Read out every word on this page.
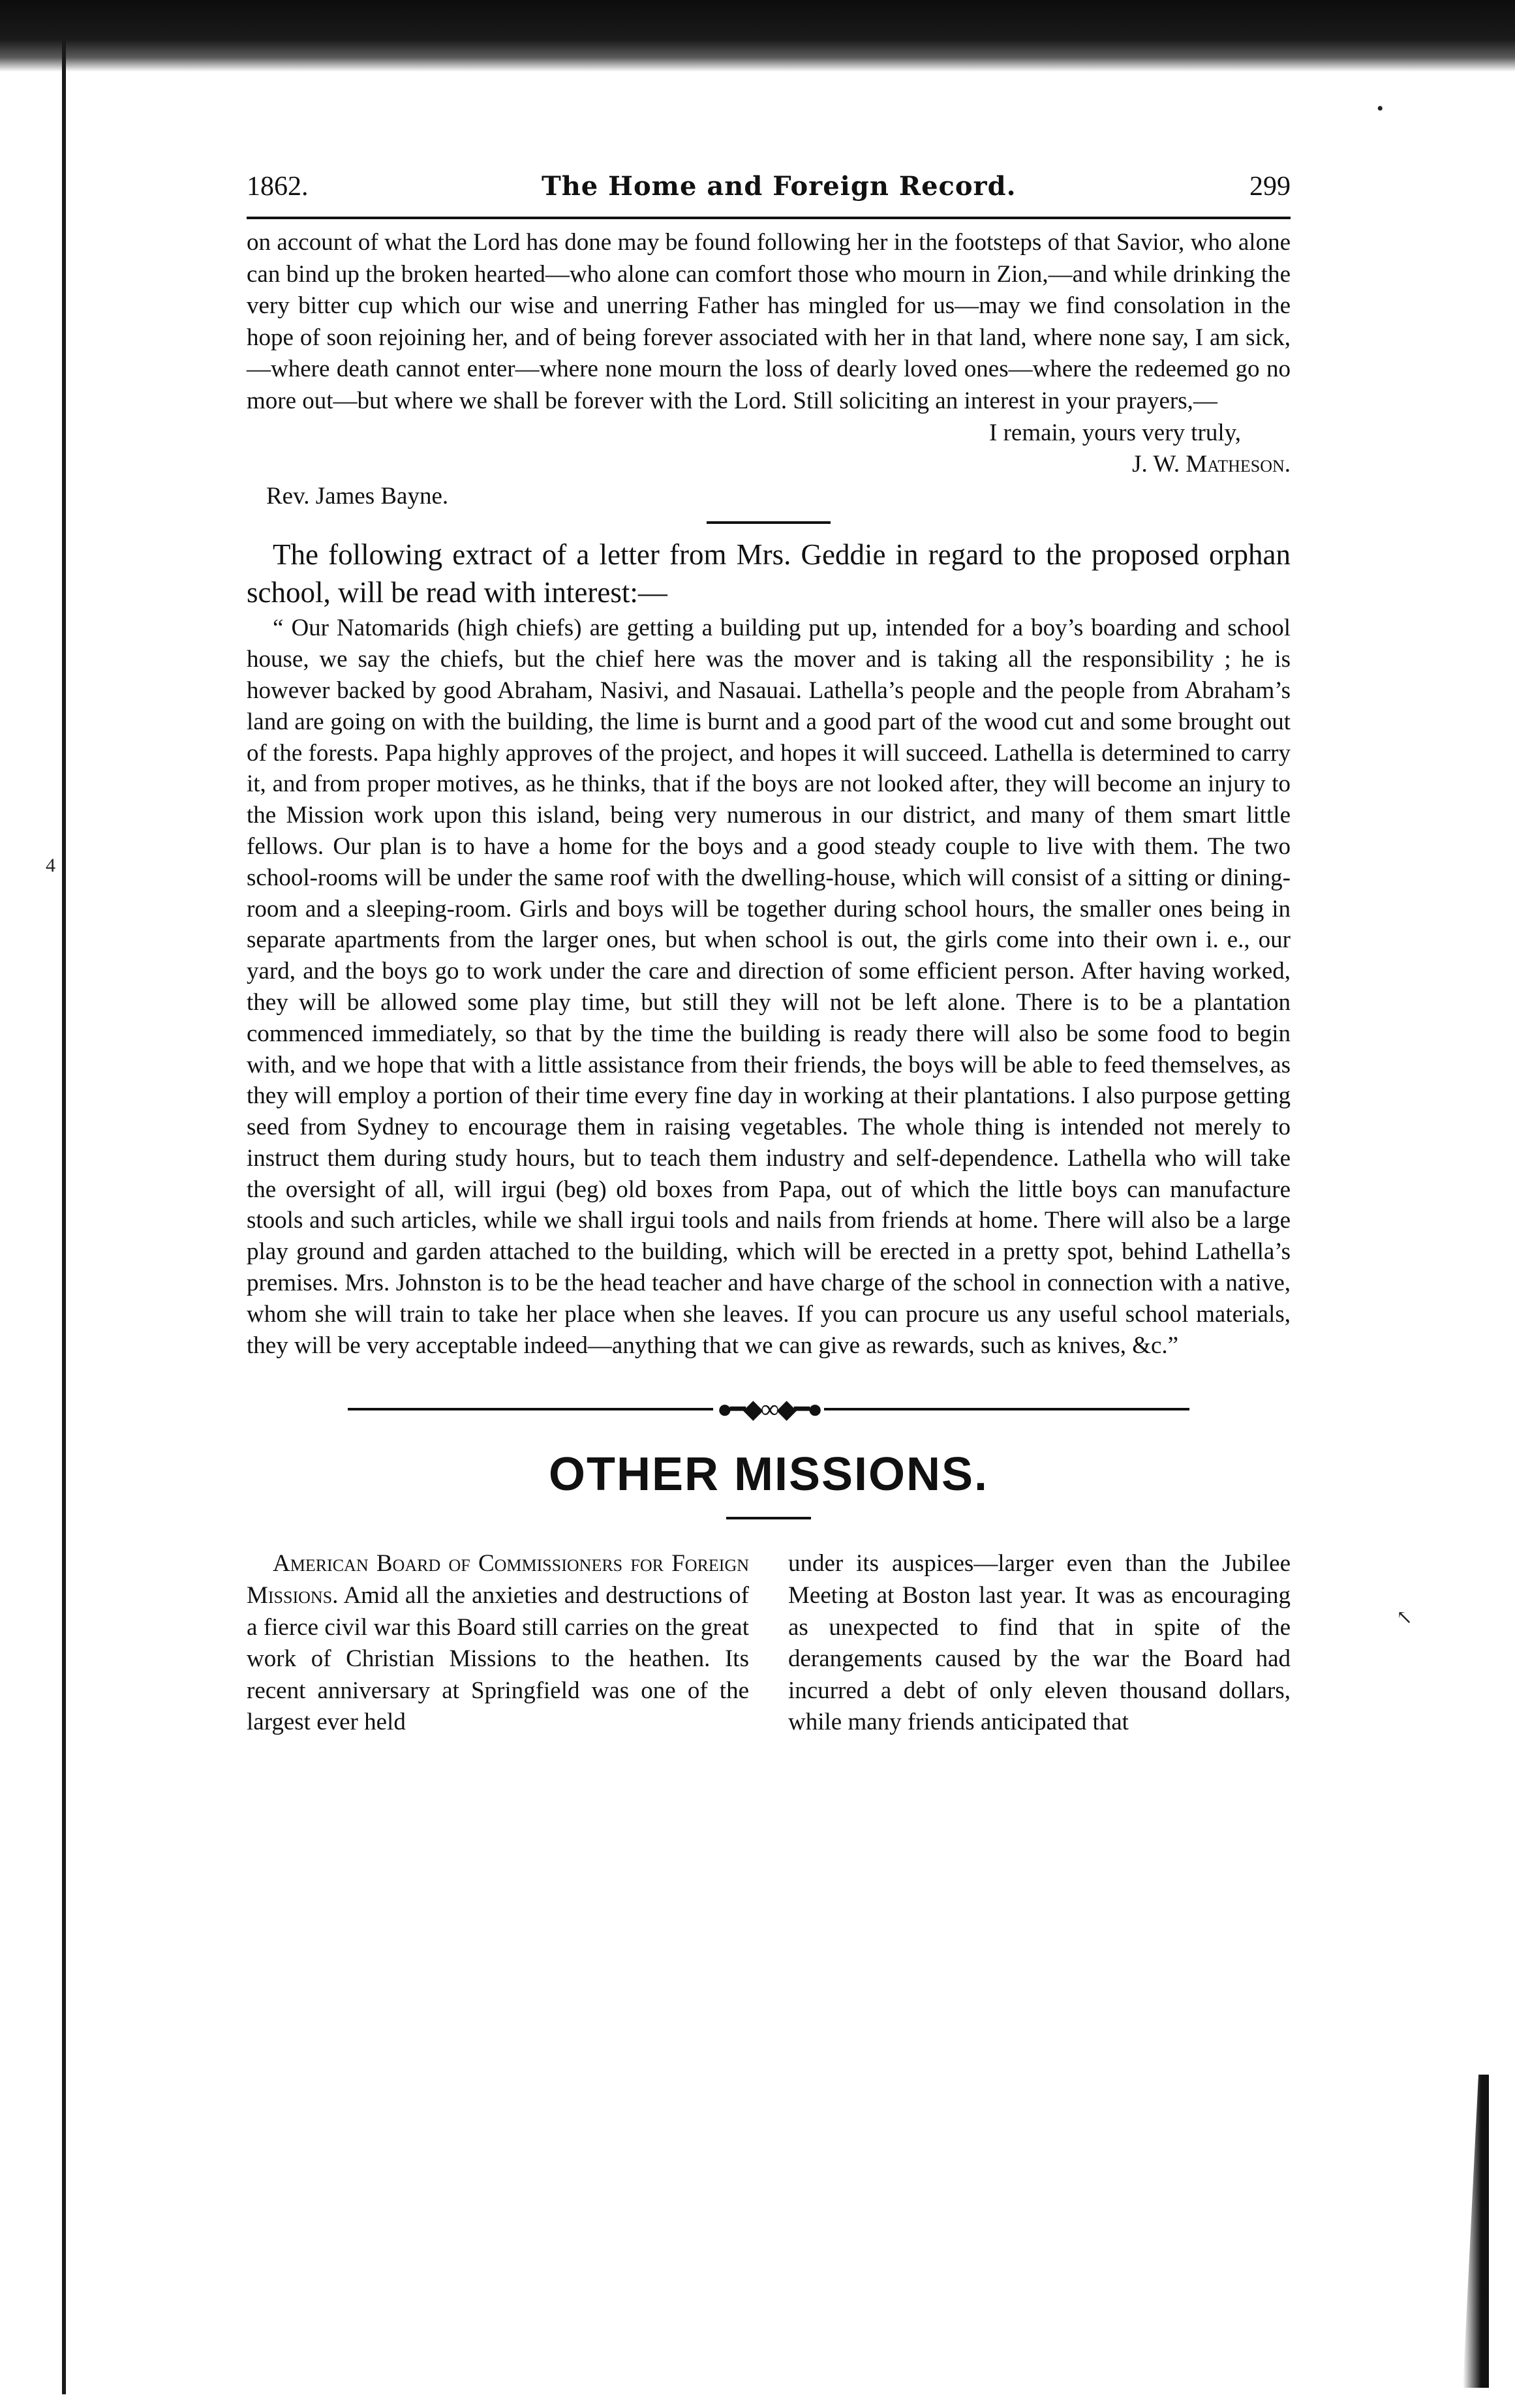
4
•
↖
1862.	The Home and Foreign Record.	299

on account of what the Lord has done may be found following her in the footsteps of that Savior, who alone can bind up the broken hearted—who alone can comfort those who mourn in Zion,—and while drinking the very bitter cup which our wise and unerring Father has mingled for us—may we find consolation in the hope of soon rejoining her, and of being forever associated with her in that land, where none say, I am sick,—where death cannot enter—where none mourn the loss of dearly loved ones—where the redeemed go no more out—but where we shall be forever with the Lord. Still soliciting an interest in your prayers,—

I remain, yours very truly,
J. W. Matheson.
Rev. James Bayne.

The following extract of a letter from Mrs. Geddie in regard to the proposed orphan school, will be read with interest:—

“ Our Natomarids (high chiefs) are getting a building put up, intended for a boy’s boarding and school house, we say the chiefs, but the chief here was the mover and is taking all the responsibility ; he is however backed by good Abraham, Nasivi, and Nasauai. Lathella’s people and the people from Abraham’s land are going on with the building, the lime is burnt and a good part of the wood cut and some brought out of the forests. Papa highly approves of the project, and hopes it will succeed. Lathella is determined to carry it, and from proper motives, as he thinks, that if the boys are not looked after, they will become an injury to the Mission work upon this island, being very numerous in our district, and many of them smart little fellows. Our plan is to have a home for the boys and a good steady couple to live with them. The two school-rooms will be under the same roof with the dwelling-house, which will consist of a sitting or dining-room and a sleeping-room. Girls and boys will be together during school hours, the smaller ones being in separate apartments from the larger ones, but when school is out, the girls come into their own i. e., our yard, and the boys go to work under the care and direction of some efficient person. After having worked, they will be allowed some play time, but still they will not be left alone. There is to be a plantation commenced immediately, so that by the time the building is ready there will also be some food to begin with, and we hope that with a little assistance from their friends, the boys will be able to feed themselves, as they will employ a portion of their time every fine day in working at their plantations. I also purpose getting seed from Sydney to encourage them in raising vegetables. The whole thing is intended not merely to instruct them during study hours, but to teach them industry and self-dependence. Lathella who will take the oversight of all, will irgui (beg) old boxes from Papa, out of which the little boys can manufacture stools and such articles, while we shall irgui tools and nails from friends at home. There will also be a large play ground and garden attached to the building, which will be erected in a pretty spot, behind Lathella’s premises. Mrs. Johnston is to be the head teacher and have charge of the school in connection with a native, whom she will train to take her place when she leaves. If you can procure us any useful school materials, they will be very acceptable indeed—anything that we can give as rewards, such as knives, &c.”

●━◆∞◆━●
OTHER MISSIONS.

American Board of Commissioners for Foreign Missions. Amid all the anxieties and destructions of a fierce civil war this Board still carries on the great work of Christian Missions to the heathen. Its recent anniversary at Springfield was one of the largest ever held

under its auspices—larger even than the Jubilee Meeting at Boston last year. It was as encouraging as unexpected to find that in spite of the derangements caused by the war the Board had incurred a debt of only eleven thousand dollars, while many friends anticipated that
